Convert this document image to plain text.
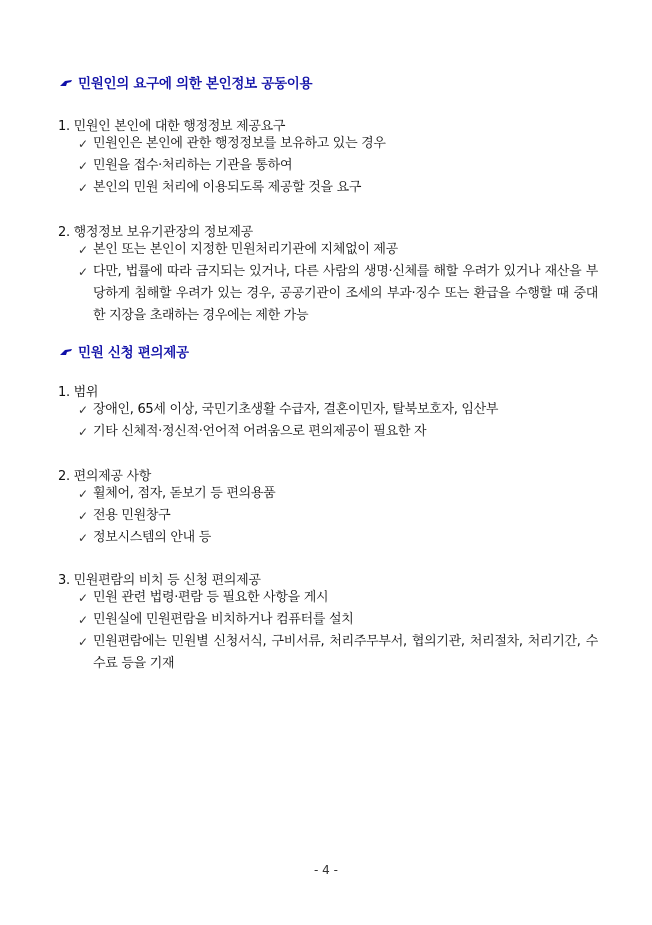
민원인의 요구에 의한 본인정보 공동이용
1. 민원인 본인에 대한 행정정보 제공요구
✓ 민원인은 본인에 관한 행정정보를 보유하고 있는 경우
✓ 민원을 접수·처리하는 기관을 통하여
✓ 본인의 민원 처리에 이용되도록 제공할 것을 요구
2. 행정정보 보유기관장의 정보제공
✓ 본인 또는 본인이 지정한 민원처리기관에 지체없이 제공
✓ 다만, 법률에 따라 금지되는 있거나, 다른 사람의 생명·신체를 해할 우려가 있거나 재산을 부당하게 침해할 우려가 있는 경우, 공공기관이 조세의 부과·징수 또는 환급을 수행할 때 중대한 지장을 초래하는 경우에는 제한 가능
민원 신청 편의제공
1. 범위
✓ 장애인, 65세 이상, 국민기초생활 수급자, 결혼이민자, 탈북보호자, 임산부
✓ 기타 신체적·정신적·언어적 어려움으로 편의제공이 필요한 자
2. 편의제공 사항
✓ 휠체어, 점자, 돋보기 등 편의용품
✓ 전용 민원창구
✓ 정보시스템의 안내 등
3. 민원편람의 비치 등 신청 편의제공
✓ 민원 관련 법령·편람 등 필요한 사항을 게시
✓ 민원실에 민원편람을 비치하거나 컴퓨터를 설치
✓ 민원편람에는 민원별 신청서식, 구비서류, 처리주무부서, 협의기관, 처리절차, 처리기간, 수수료 등을 기재
- 4 -
